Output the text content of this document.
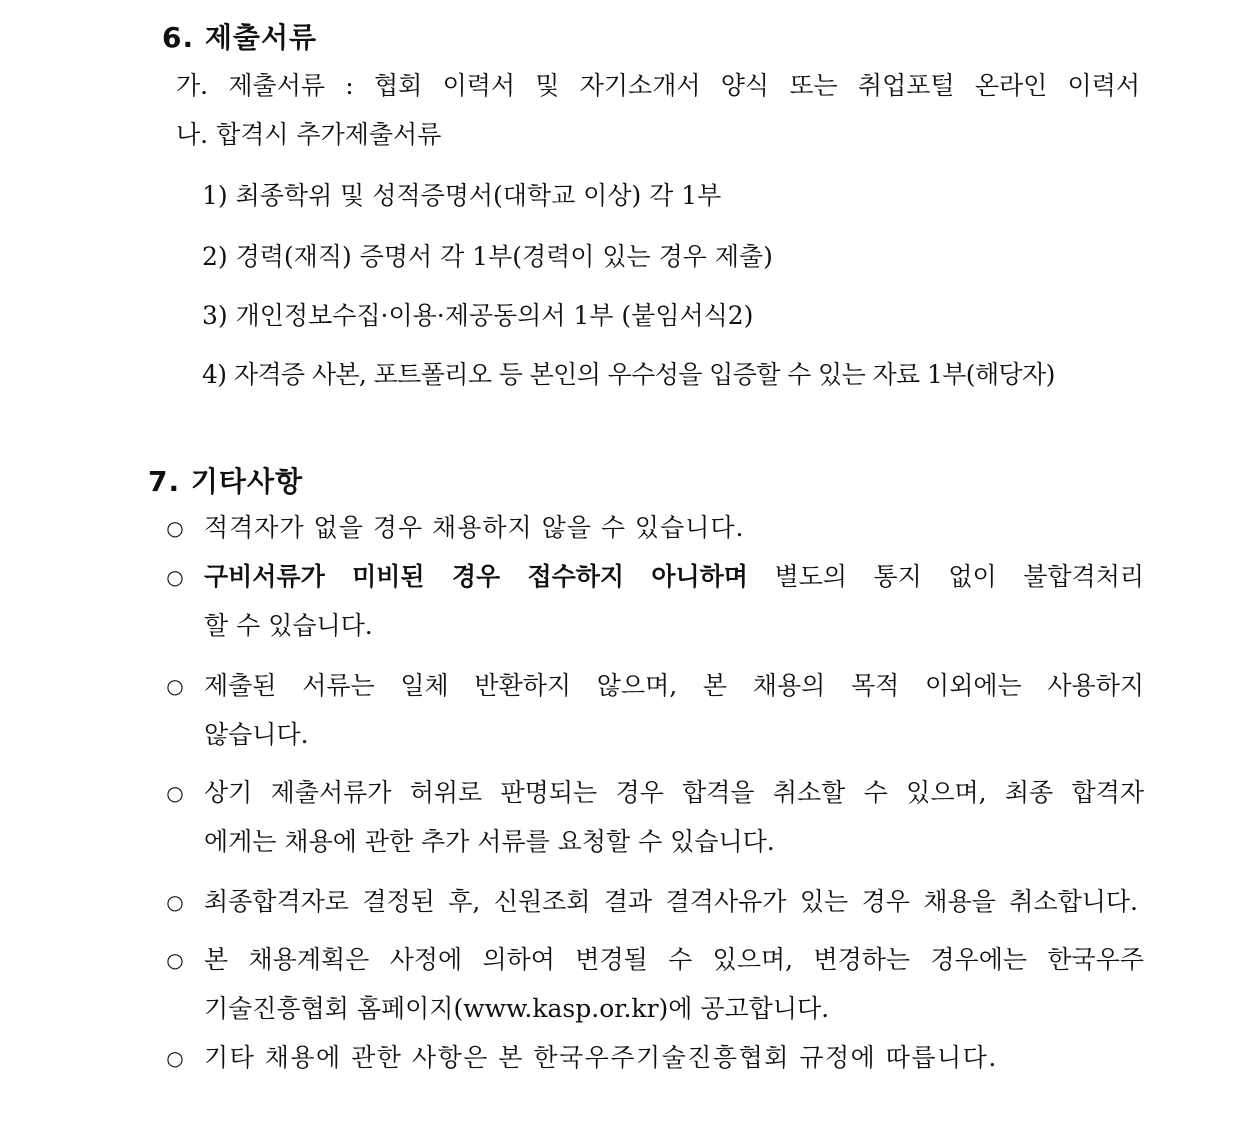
6. 제출서류
가. 제출서류 : 협회 이력서 및 자기소개서 양식 또는 취업포털 온라인 이력서
나. 합격시 추가제출서류
1) 최종학위 및 성적증명서(대학교 이상) 각 1부
2) 경력(재직) 증명서 각 1부(경력이 있는 경우 제출)
3) 개인정보수집·이용·제공동의서 1부 (붙임서식2)
4) 자격증 사본, 포트폴리오 등 본인의 우수성을 입증할 수 있는 자료 1부(해당자)
7. 기타사항
○ 적격자가 없을 경우 채용하지 않을 수 있습니다.
○ 구비서류가 미비된 경우 접수하지 아니하며 별도의 통지 없이 불합격처리
할 수 있습니다.
○ 제출된 서류는 일체 반환하지 않으며, 본 채용의 목적 이외에는 사용하지
않습니다.
○ 상기 제출서류가 허위로 판명되는 경우 합격을 취소할 수 있으며, 최종 합격자
에게는 채용에 관한 추가 서류를 요청할 수 있습니다.
○ 최종합격자로 결정된 후, 신원조회 결과 결격사유가 있는 경우 채용을 취소합니다.
○ 본 채용계획은 사정에 의하여 변경될 수 있으며, 변경하는 경우에는 한국우주
기술진흥협회 홈페이지(www.kasp.or.kr)에 공고합니다.
○ 기타 채용에 관한 사항은 본 한국우주기술진흥협회 규정에 따릅니다.
